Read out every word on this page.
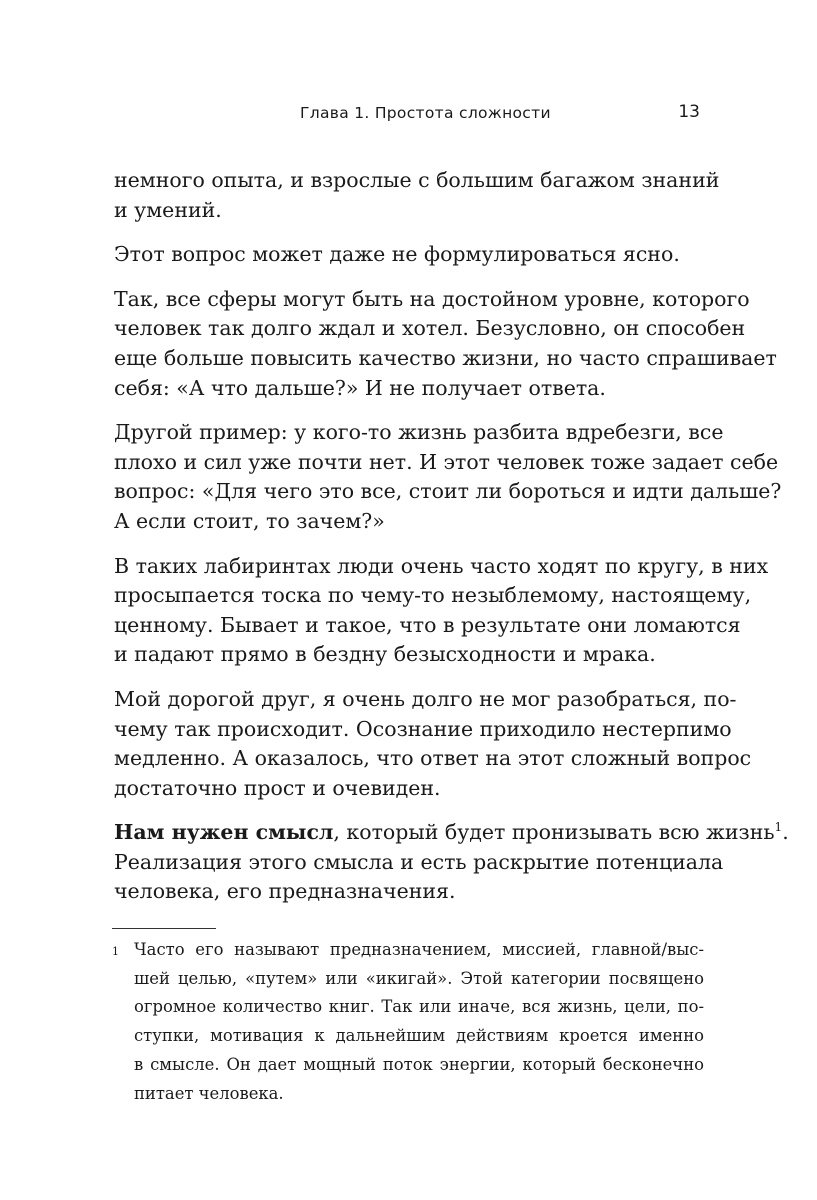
Глава 1. Простота сложности	13

немного опыта, и взрослые с большим багажом знаний
и умений.

Этот вопрос может даже не формулироваться ясно.

Так, все сферы могут быть на достойном уровне, которого
человек так долго ждал и хотел. Безусловно, он способен
еще больше повысить качество жизни, но часто спрашивает
себя: «А что дальше?» И не получает ответа.

Другой пример: у кого-то жизнь разбита вдребезги, все
плохо и сил уже почти нет. И этот человек тоже задает себе
вопрос: «Для чего это все, стоит ли бороться и идти дальше?
А если стоит, то зачем?»

В таких лабиринтах люди очень часто ходят по кругу, в них
просыпается тоска по чему-то незыблемому, настоящему,
ценному. Бывает и такое, что в результате они ломаются
и падают прямо в бездну безысходности и мрака.

Мой дорогой друг, я очень долго не мог разобраться, по-
чему так происходит. Осознание приходило нестерпимо
медленно. А оказалось, что ответ на этот сложный вопрос
достаточно прост и очевиден.

Нам нужен смысл, который будет пронизывать всю жизнь$^1$.
Реализация этого смысла и есть раскрытие потенциала
человека, его предназначения.

1 Часто его называют предназначением, миссией, главной/выс-
шей целью, «путем» или «икигай». Этой категории посвящено
огромное количество книг. Так или иначе, вся жизнь, цели, по-
ступки, мотивация к дальнейшим действиям кроется именно
в смысле. Он дает мощный поток энергии, который бесконечно
питает человека.
